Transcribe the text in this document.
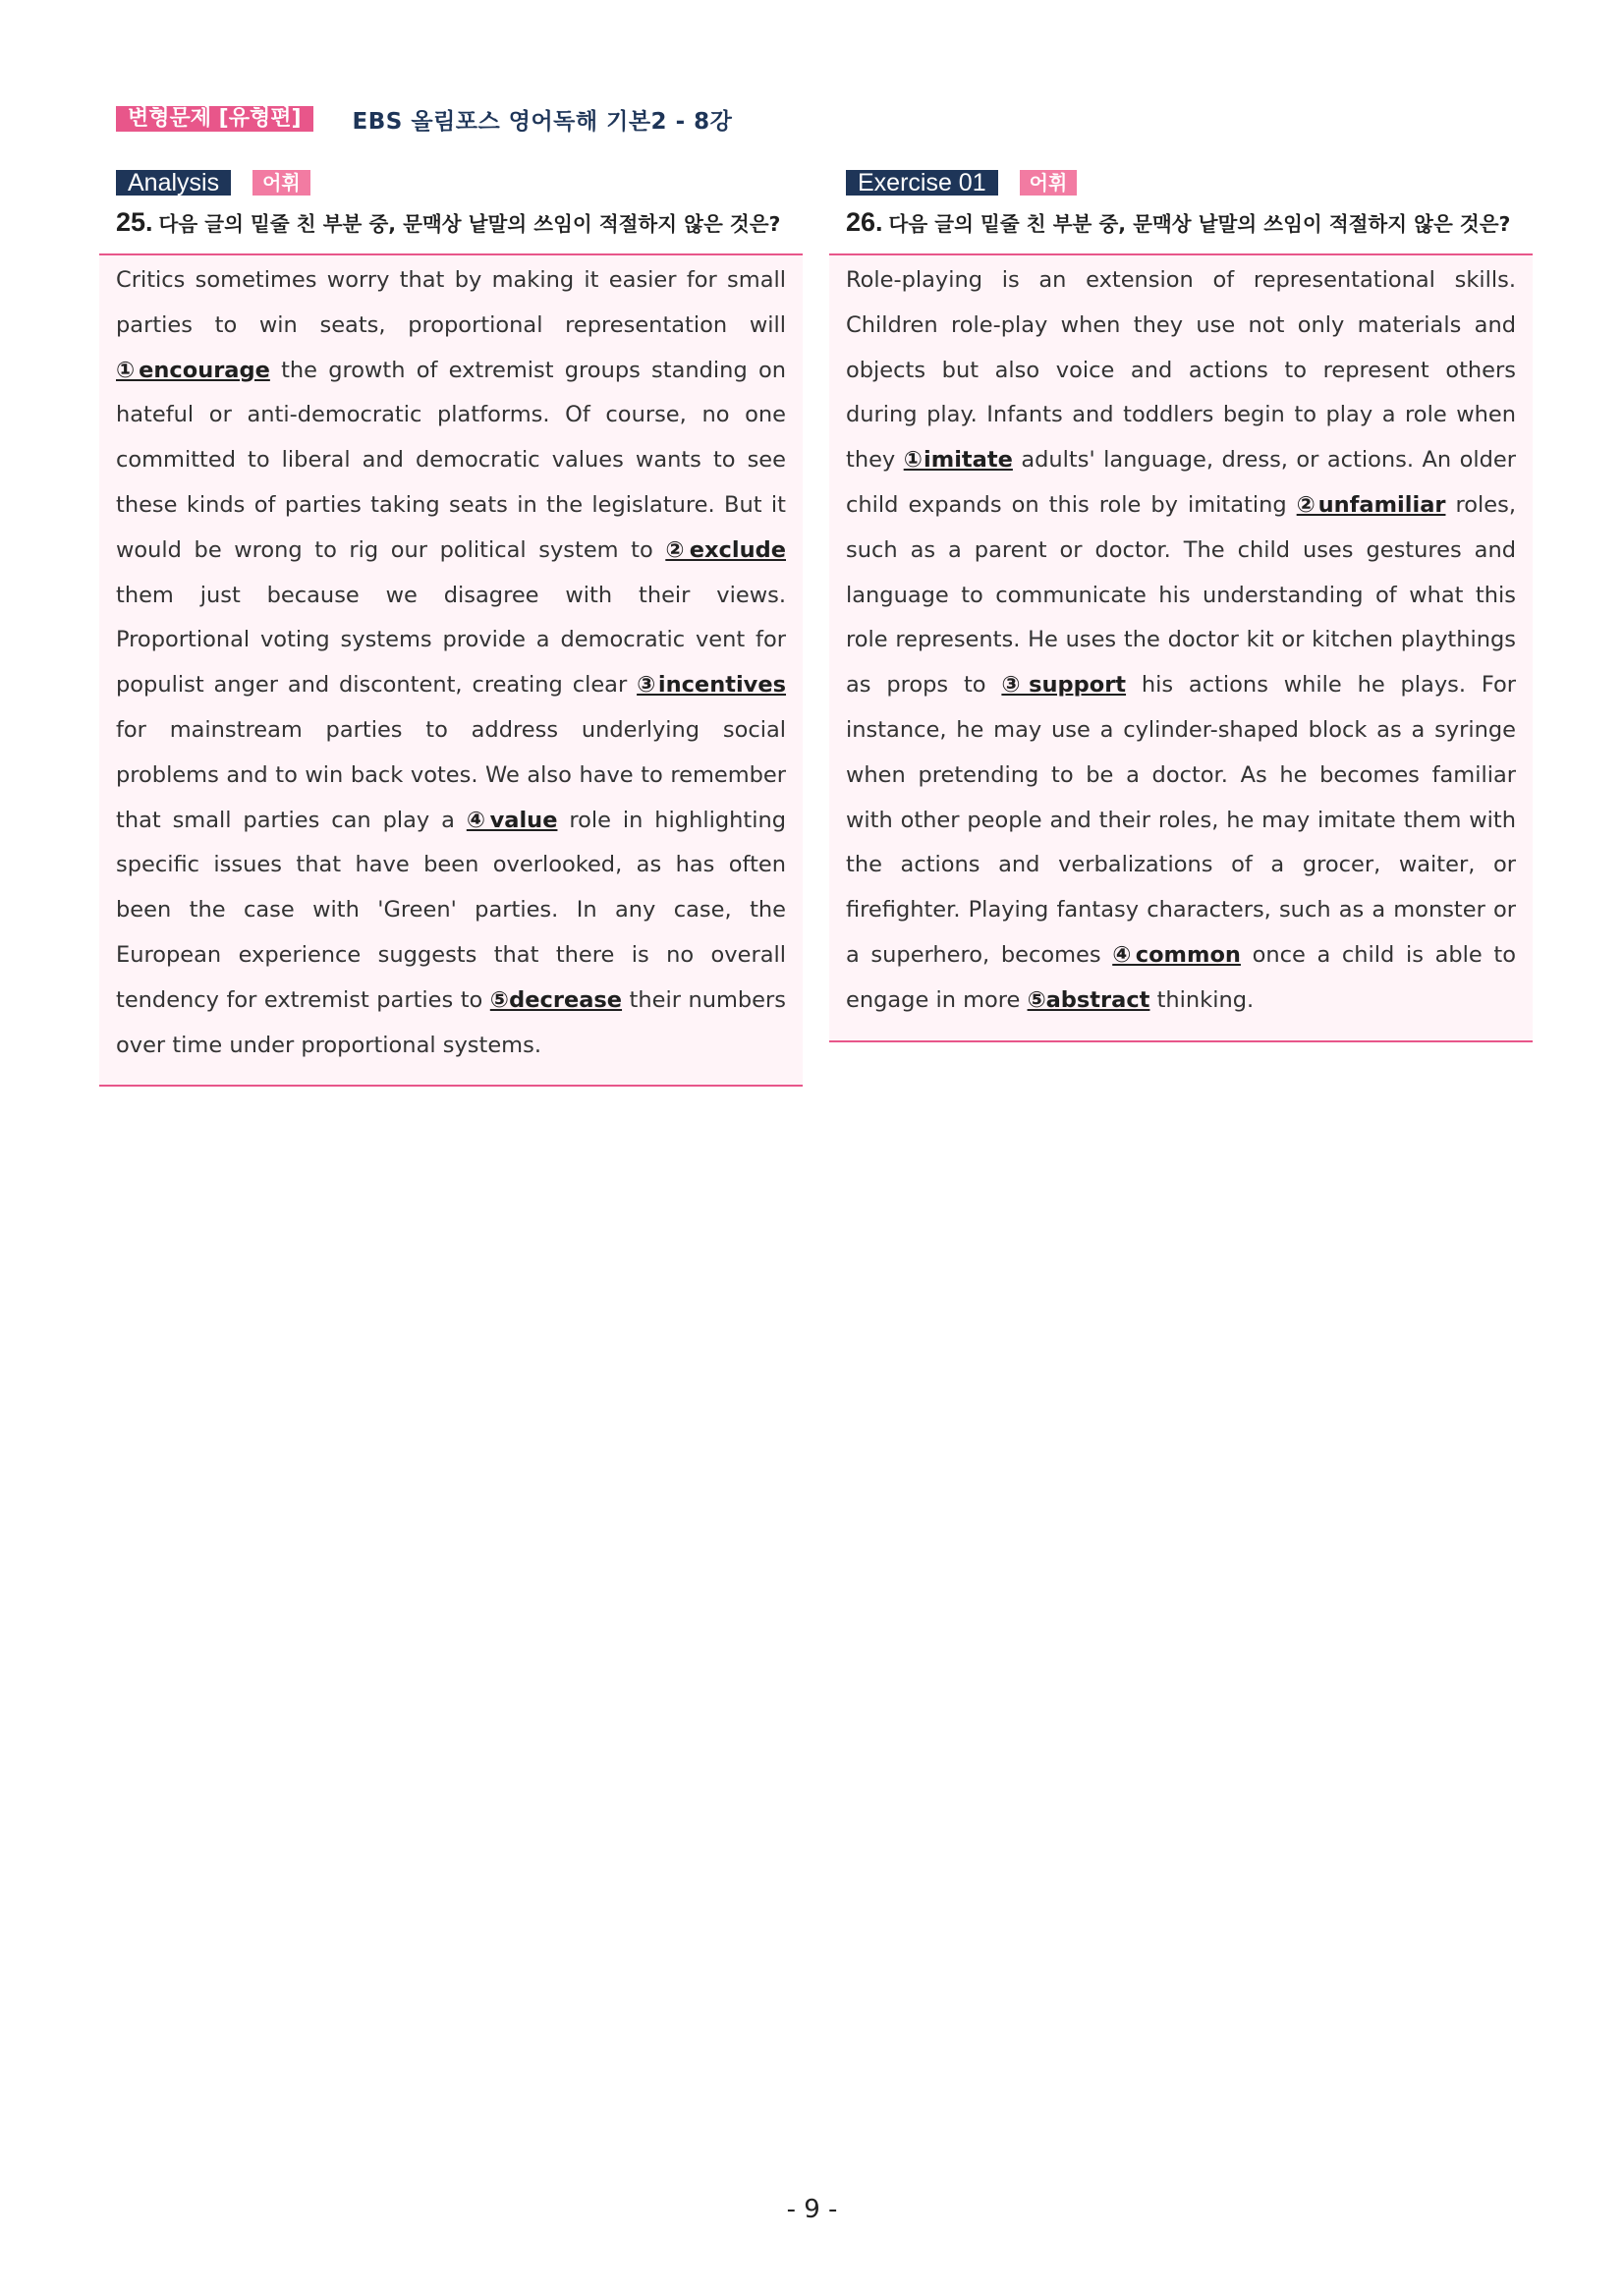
변형문제 [유형편]	EBS 올림포스 영어독해 기본2 - 8강
Analysis	어휘
25. 다음 글의 밑줄 친 부분 중, 문맥상 낱말의 쓰임이 적절하지 않은 것은?
Critics sometimes worry that by making it easier for small parties to win seats, proportional representation will ①encourage the growth of extremist groups standing on hateful or anti-democratic platforms. Of course, no one committed to liberal and democratic values wants to see these kinds of parties taking seats in the legislature. But it would be wrong to rig our political system to ②exclude them just because we disagree with their views. Proportional voting systems provide a democratic vent for populist anger and discontent, creating clear ③incentives for mainstream parties to address underlying social problems and to win back votes. We also have to remember that small parties can play a ④value role in highlighting specific issues that have been overlooked, as has often been the case with 'Green' parties. In any case, the European experience suggests that there is no overall tendency for extremist parties to ⑤decrease their numbers over time under proportional systems.
Exercise 01	어휘
26. 다음 글의 밑줄 친 부분 중, 문맥상 낱말의 쓰임이 적절하지 않은 것은?
Role-playing is an extension of representational skills. Children role-play when they use not only materials and objects but also voice and actions to represent others during play. Infants and toddlers begin to play a role when they ①imitate adults' language, dress, or actions. An older child expands on this role by imitating ②unfamiliar roles, such as a parent or doctor. The child uses gestures and language to communicate his understanding of what this role represents. He uses the doctor kit or kitchen playthings as props to ③support his actions while he plays. For instance, he may use a cylinder-shaped block as a syringe when pretending to be a doctor. As he becomes familiar with other people and their roles, he may imitate them with the actions and verbalizations of a grocer, waiter, or firefighter. Playing fantasy characters, such as a monster or a superhero, becomes ④common once a child is able to engage in more ⑤abstract thinking.
- 9 -
